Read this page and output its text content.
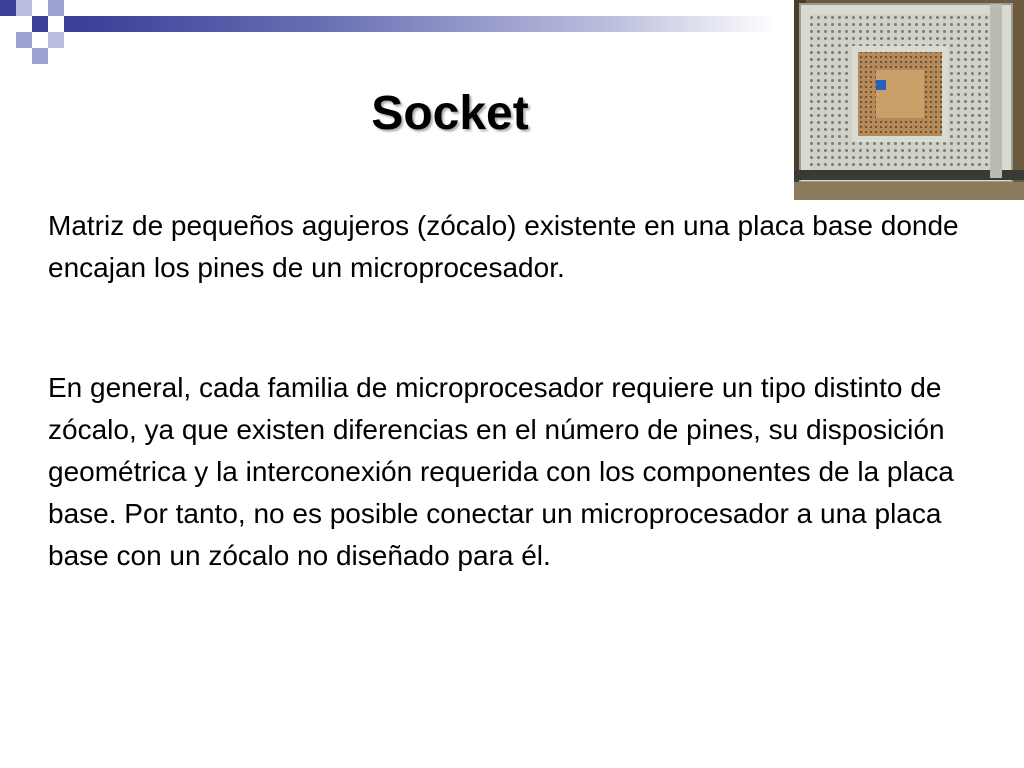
Socket

Matriz de pequeños agujeros (zócalo) existente en una placa base donde encajan los pines de un microprocesador.

En general, cada familia de microprocesador requiere un tipo distinto de zócalo, ya que existen diferencias en el número de pines, su disposición geométrica y la interconexión requerida con los componentes de la placa base. Por tanto, no es posible conectar un microprocesador a una placa base con un zócalo no diseñado para él.
